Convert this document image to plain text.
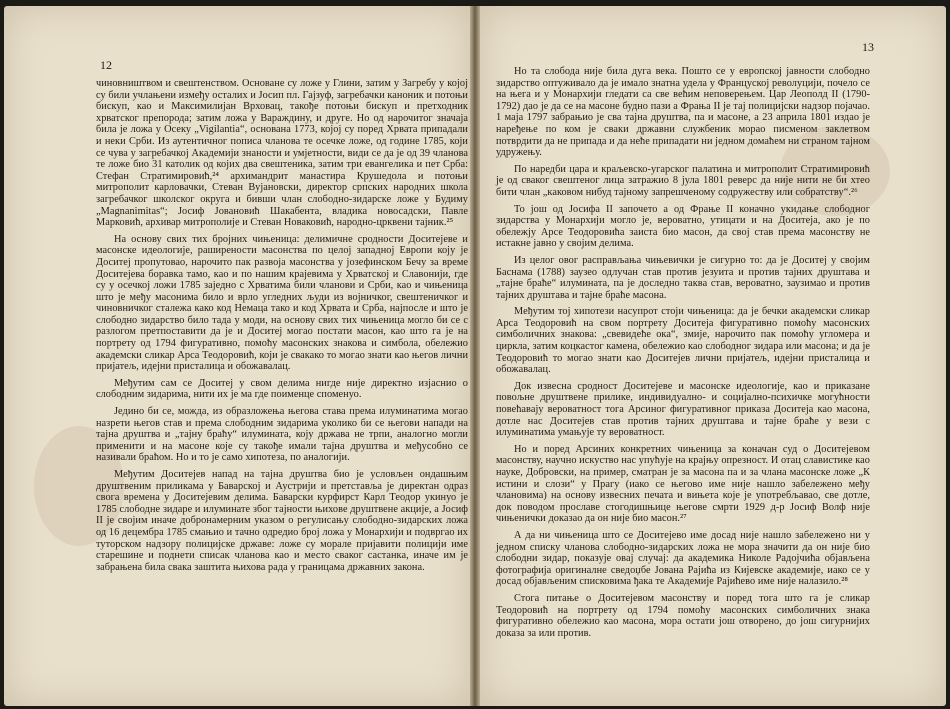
12

чиновништвом и свештенством. Основане су ложе у Глини, затим у Загребу у којој су били учлањени између осталих и Јосип пл. Гајзуф, загребачки каноник и потоњи бискуп, као и Максимилијан Врховац, такође потоњи бискуп и претходник хрватског препорода; затим ложа у Вараждину, и друге. Но од нарочитог значаја била је ложа у Осеку „Vigilantia“, основана 1773, којој су поред Хрвата припадали и неки Срби. Из аутентичног пописа чланова те осечке ложе, од године 1785, који се чува у загребачкој Академији знаности и умјетности, види се да је од 39 чланова те ложе био 31 католик од којих два свештеника, затим три евангелика и пет Срба: Стефан Стратимировић,²⁴ архимандрит манастира Крушедола и потоњи митрополит карловачки, Стеван Вујановски, директор српских народних школа загребачког школског округа и бивши члан слободно-зидарске ложе у Будиму „Magnanimitas“; Јосиф Јовановић Шакабента, владика новосадски, Павле Марковић, архивар митрополије и Стеван Новаковић, народно-црквени тајник.²⁵

На основу свих тих бројних чињеница: делимичне сродности Доситејеве и масонске идеологије, раширености масонства по целој западној Европи коју је Доситеј пропутовао, нарочито пак развоја масонства у јозефинском Бечу за време Доситејева боравка тамо, као и по нашим крајевима у Хрватској и Славонији, где су у осечкој ложи 1785 заједно с Хрватима били чланови и Срби, као и чињеница што је међу масонима било и врло угледних људи из војничког, свештеничког и чиновничког сталежа како код Немаца тако и код Хрвата и Срба, најпосле и што је слободно зидарство било тада у моди, на основу свих тих чињеница могло би се с разлогом претпоставити да је и Доситеј могао постати масон, као што га је на портрету од 1794 фигуративно, помоћу масонских знакова и симбола, обележио академски сликар Арса Теодоровић, који је свакако то могао знати као његов лични пријатељ, идејни присталица и обожавалац.

Међутим сам се Доситеј у свом делима нигде није директно изјаснио о слободним зидарима, нити их је ма где поименце споменуо.

Једино би се, можда, из образложења његова става према илуминатима могао назрети његов став и према слободним зидарима уколико би се његови напади на тајна друштва и „тајну браћу“ илумината, коју држава не трпи, аналогно могли применити и на масоне које су такође имали тајна друштва и међусобно се називали браћом. Но и то је само хипотеза, по аналогији.

Међутим Доситејев напад на тајна друштва био је условљен ондашњим друштвеним приликама у Баварској и Аустрији и претставља је директан одраз свога времена у Доситејевим делима. Баварски курфирст Карл Теодор укинуо је 1785 слободне зидаре и илуминате због тајности њихове друштвене акције, а Јосиф II је својим иначе добронамерним указом о регулисању слободно-зидарских ложа од 16 децембра 1785 смањио и тачно одредио број ложа у Монархији и подвргао их туторском надзору полицијске државе: ложе су морале пријавити полицији име старешине и поднети списак чланова као и место сваког састанка, иначе им је забрањена била свака заштита њихова рада у границама државних закона.

13

Но та слобода није била дуга века. Пошто се у европској јавности слободно зидарство оптуживало да је имало знатна удела у Француској револуцији, почело се на њега и у Монархији гледати са све већим неповерењем. Цар Леополд II (1790-1792) дао је да се на масоне будно пази а Фрања II је тај полицијски надзор појачао. 1 маја 1797 забрањио је сва тајна друштва, па и масоне, а 23 априла 1801 издао је наређење по ком је сваки државни службеник морао писменом заклетвом потврдити да не припада и да неће припадати ни једном домаћем ни страном тајном удружењу.

По наредби цара и краљевско-угарског палатина и митрополит Стратимировић је од сваког свештеног лица затражио 8 јула 1801 реверс да није нити не би хтео бити члан „каковом нибуд тајному запрешченому содружеству или собратству“.²⁶

То још од Јосифа II започето а од Фрање II коначно укидање слободног зидарства у Монархији могло је, вероватно, утицати и на Доситеја, ако је по обележју Арсе Теодоровића заиста био масон, да свој став према масонству не истакне јавно у својим делима.

Из целог овог расправљања чињевички је сигурно то: да је Доситеј у својим Баснама (1788) заузео одлучан став против језуита и против тајних друштава и „тајне браће“ илумината, па је доследно таква став, вероватно, заузимао и против тајних друштава и тајне браће масона.

Међутим тој хипотези насупрот стоји чињеница: да је бечки академски сликар Арса Теодоровић на свом портрету Доситеја фигуративно помоћу масонских симболичних знакова: „свевидеће ока“, змије, нарочито пак помоћу угломера и циркла, затим коцкастог камена, обележио као слободног зидара или масона; и да је Теодоровић то могао знати као Доситејев лични пријатељ, идејни присталица и обожавалац.

Док извесна сродност Доситејеве и масонске идеологије, као и приказане повољне друштвене прилике, индивидуално- и социјално-психичке могућности повећавају вероватност тога Арсиног фигуративног приказа Доситеја као масона, дотле нас Доситејев став против тајних друштава и тајне браће у вези с илуминатима умањује ту вероватност.

Но и поред Арсиних конкретних чињеница за коначан суд о Доситејевом масонству, научно искуство нас упућује на крајњу опрезност. И отац славистике као науке, Добровски, на пример, сматран је за масона па и за члана масонске ложе „К истини и слози“ у Прагу (иако се његово име није нашло забележено међу члановима) на основу извесних печата и вињета које је употребљавао, све дотле, док поводом прославе стогодишњице његове смрти 1929 д-р Јосиф Волф није чињенички доказао да он није био масон.²⁷

А да ни чињеница што се Доситејево име досад није нашло забележено ни у једном списку чланова слободно-зидарских ложа не мора значити да он није био слободни зидар, показује овај случај: да академика Николе Радојчића објављена фотографија оригиналне сведоџбе Јована Рајића из Кијевске академије, иако се у досад објављеним списковима ђака те Академије Рајићево име није налазило.²⁸

Стога питање о Доситејевом масонству и поред тога што га је сликар Теодоровић на портрету од 1794 помоћу масонских симболичних знака фигуративно обележио као масона, мора остати још отворено, до још сигурнијих доказа за или против.
